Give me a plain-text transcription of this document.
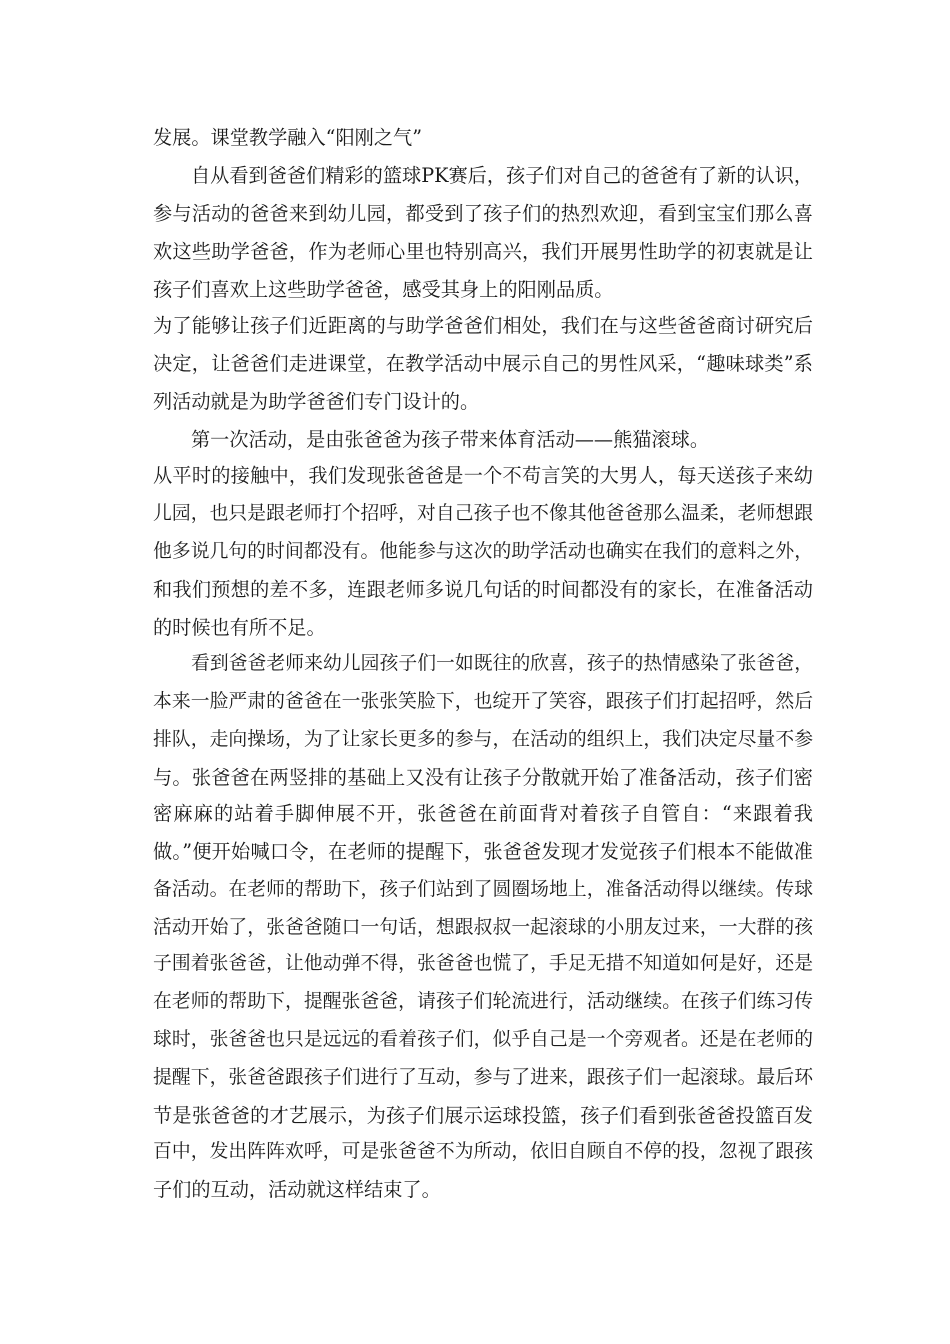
发展。课堂教学融入“阳刚之气”
自从看到爸爸们精彩的篮球PK赛后，孩子们对自己的爸爸有了新的认识，
参与活动的爸爸来到幼儿园，都受到了孩子们的热烈欢迎，看到宝宝们那么喜
欢这些助学爸爸，作为老师心里也特别高兴，我们开展男性助学的初衷就是让
孩子们喜欢上这些助学爸爸，感受其身上的阳刚品质。
为了能够让孩子们近距离的与助学爸爸们相处，我们在与这些爸爸商讨研究后
决定，让爸爸们走进课堂，在教学活动中展示自己的男性风采，“趣味球类”系
列活动就是为助学爸爸们专门设计的。
第一次活动，是由张爸爸为孩子带来体育活动——熊猫滚球。
从平时的接触中，我们发现张爸爸是一个不苟言笑的大男人，每天送孩子来幼
儿园，也只是跟老师打个招呼，对自己孩子也不像其他爸爸那么温柔，老师想跟
他多说几句的时间都没有。他能参与这次的助学活动也确实在我们的意料之外，
和我们预想的差不多，连跟老师多说几句话的时间都没有的家长，在准备活动
的时候也有所不足。
看到爸爸老师来幼儿园孩子们一如既往的欣喜，孩子的热情感染了张爸爸，
本来一脸严肃的爸爸在一张张笑脸下，也绽开了笑容，跟孩子们打起招呼，然后
排队，走向操场，为了让家长更多的参与，在活动的组织上，我们决定尽量不参
与。张爸爸在两竖排的基础上又没有让孩子分散就开始了准备活动，孩子们密
密麻麻的站着手脚伸展不开，张爸爸在前面背对着孩子自管自：“来跟着我
做。”便开始喊口令，在老师的提醒下，张爸爸发现才发觉孩子们根本不能做准
备活动。在老师的帮助下，孩子们站到了圆圈场地上，准备活动得以继续。传球
活动开始了，张爸爸随口一句话，想跟叔叔一起滚球的小朋友过来，一大群的孩
子围着张爸爸，让他动弹不得，张爸爸也慌了，手足无措不知道如何是好，还是
在老师的帮助下，提醒张爸爸，请孩子们轮流进行，活动继续。在孩子们练习传
球时，张爸爸也只是远远的看着孩子们，似乎自己是一个旁观者。还是在老师的
提醒下，张爸爸跟孩子们进行了互动，参与了进来，跟孩子们一起滚球。最后环
节是张爸爸的才艺展示，为孩子们展示运球投篮，孩子们看到张爸爸投篮百发
百中，发出阵阵欢呼，可是张爸爸不为所动，依旧自顾自不停的投，忽视了跟孩
子们的互动，活动就这样结束了。
